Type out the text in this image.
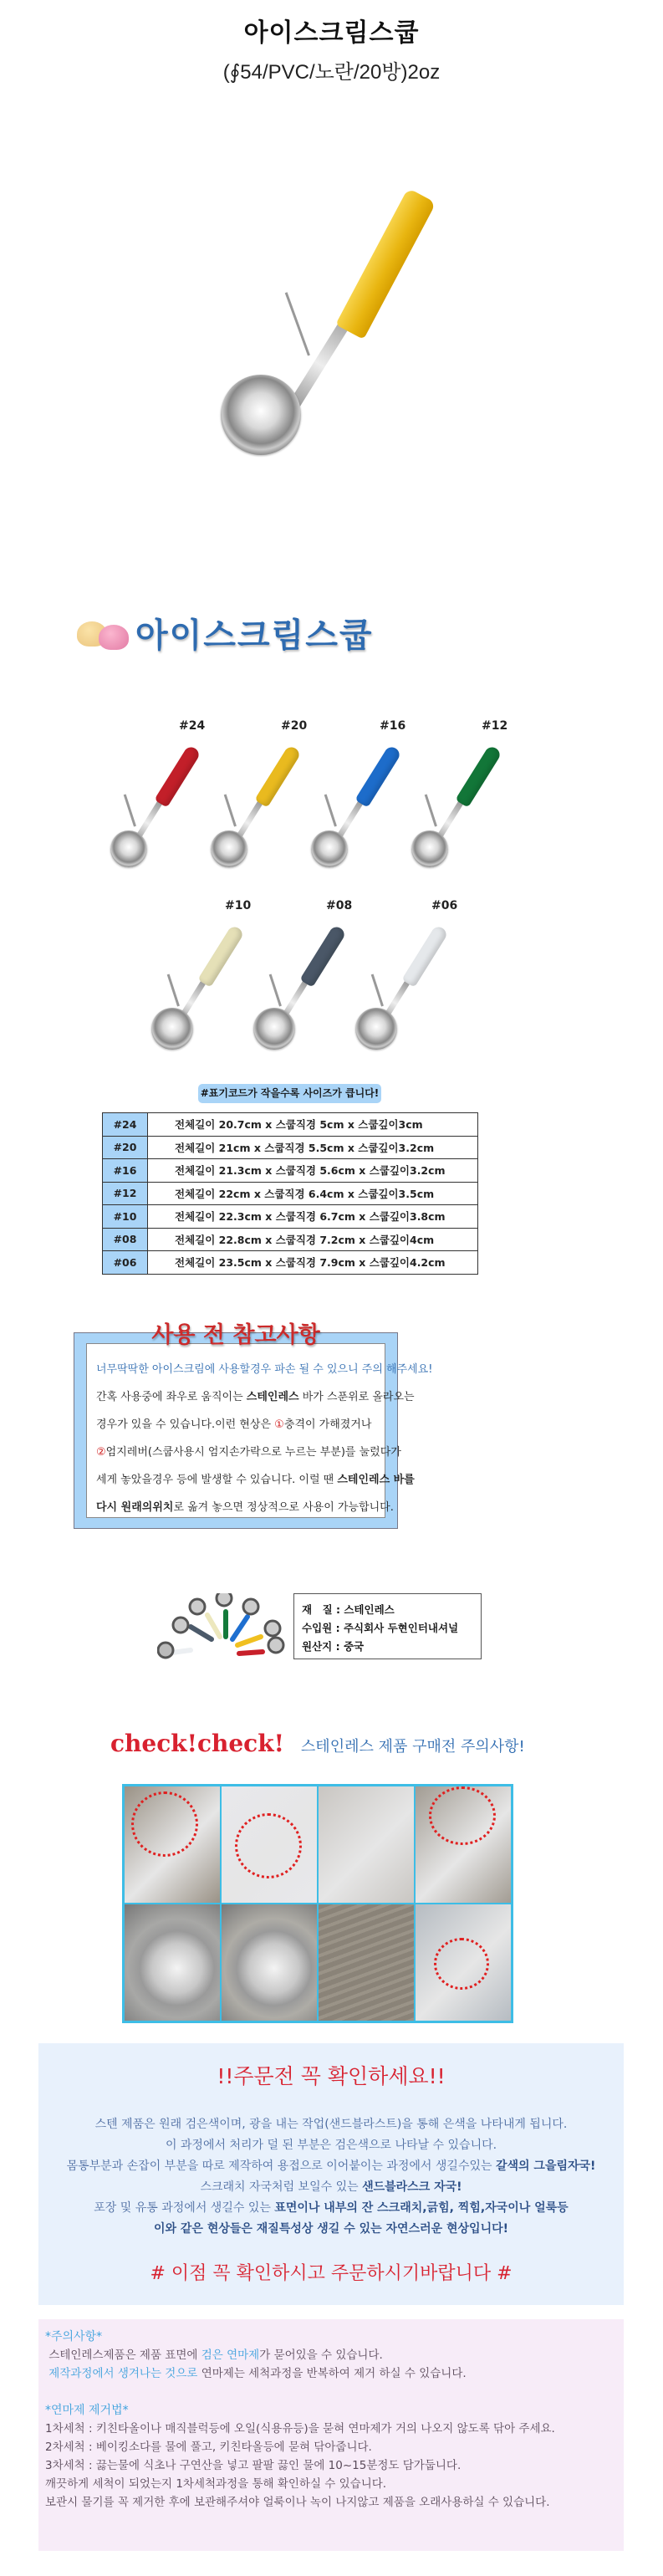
아이스크림스쿱
(∮54/PVC/노란/20방)2oz
아이스크림스쿱
#24	#20	#16	#12
#10	#08	#06
#표기코드가 작을수록 사이즈가 큽니다!
#24	전체길이 20.7cm x 스쿱직경 5cm x 스쿱깊이3cm
#20	전체길이 21cm x 스쿱직경 5.5cm x 스쿱깊이3.2cm
#16	전체길이 21.3cm x 스쿱직경 5.6cm x 스쿱깊이3.2cm
#12	전체길이 22cm x 스쿱직경 6.4cm x 스쿱깊이3.5cm
#10	전체길이 22.3cm x 스쿱직경 6.7cm x 스쿱깊이3.8cm
#08	전체길이 22.8cm x 스쿱직경 7.2cm x 스쿱깊이4cm
#06	전체길이 23.5cm x 스쿱직경 7.9cm x 스쿱깊이4.2cm
너무딱딱한 아이스크림에 사용할경우 파손 될 수 있으니 주의 해주세요!
간혹 사용중에 좌우로 움직이는 스테인레스 바가 스푼위로 올라오는
경우가 있을 수 있습니다.이런 현상은 ①충격이 가해졌거나
②엄지레버(스쿱사용시 엄지손가락으로 누르는 부분)를 눌렀다가
세게 놓았을경우 등에 발생할 수 있습니다. 이럴 땐 스테인레스 바를
다시 원래의위치로 옮겨 놓으면 정상적으로 사용이 가능합니다.
사용 전 참고사항
재　질 : 스테인레스
수입원 : 주식회사 두현인터내셔널
원산지 : 중국
check!check! 스테인레스 제품 구매전 주의사항!
!!주문전 꼭 확인하세요!!
스텐 제품은 원래 검은색이며, 광을 내는 작업(샌드블라스트)을 통해 은색을 나타내게 됩니다.
이 과정에서 처리가 덜 된 부분은 검은색으로 나타날 수 있습니다.
몸통부분과 손잡이 부분을 따로 제작하여 용접으로 이어붙이는 과정에서 생길수있는 갈색의 그을림자국!
스크래치 자국처럼 보일수 있는 샌드블라스크 자국!
포장 및 유통 과정에서 생길수 있는 표면이나 내부의 잔 스크래치,긁힘, 찍힘,자국이나 얼룩등
이와 같은 현상들은 재질특성상 생길 수 있는 자연스러운 현상입니다!
# 이점 꼭 확인하시고 주문하시기바랍니다 #
*주의사항*
스테인레스제품은 제품 표면에 검은 연마제가 묻어있을 수 있습니다.
제작과정에서 생겨나는 것으로 연마제는 세척과정을 반복하여 제거 하실 수 있습니다.
*연마제 제거법*
1차세척 : 키친타올이나 매직블럭등에 오일(식용유등)을 묻혀 연마제가 거의 나오지 않도록 닦아 주세요.
2차세척 : 베이킹소다를 물에 풀고, 키친타올등에 묻혀 닦아줍니다.
3차세척 : 끓는물에 식초나 구연산을 넣고 팔팔 끓인 물에 10~15분정도 담가둡니다.
깨끗하게 세척이 되었는지 1차세척과정을 통해 확인하실 수 있습니다.
보관시 물기를 꼭 제거한 후에 보관해주셔야 얼룩이나 녹이 나지않고 제품을 오래사용하실 수 있습니다.
